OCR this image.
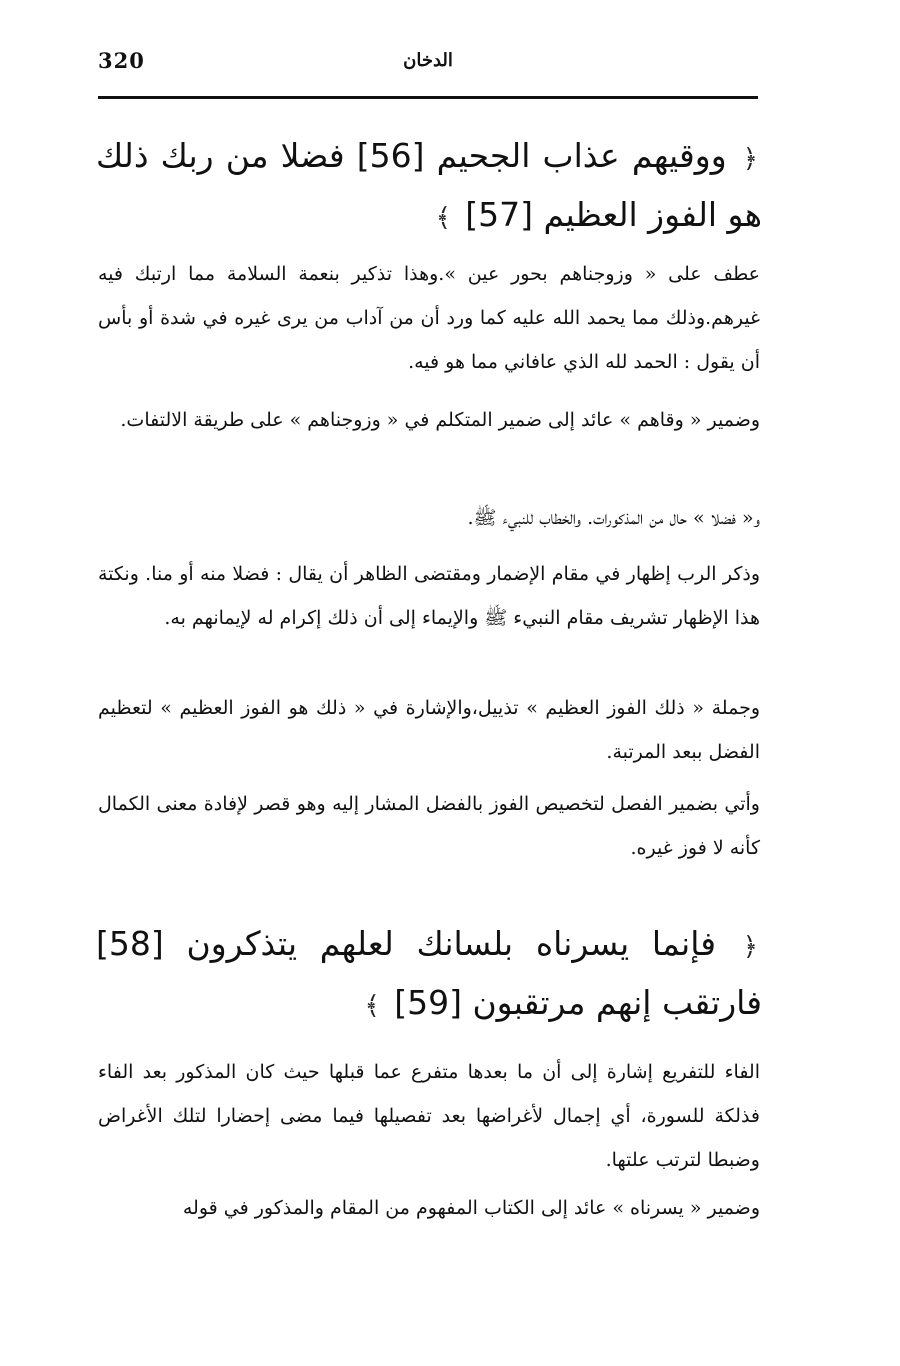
320	الدخان
﴿ ووقيهم عذاب الجحيم [56] فضلا من ربك ذلك هو الفوز العظيم [57] ﴾
عطف على « وزوجناهم بحور عين ».وهذا تذكير بنعمة السلامة مما ارتبك فيه غيرهم.وذلك مما يحمد الله عليه كما ورد أن من آداب من يرى غيره في شدة أو بأس أن يقول : الحمد لله الذي عافاني مما هو فيه.
وضمير « وقاهم » عائد إلى ضمير المتكلم في « وزوجناهم » على طريقة الالتفات.
و« فضلا » حال من المذكورات. والخطاب للنبيء ﷺ.
وذكر الرب إظهار في مقام الإضمار ومقتضى الظاهر أن يقال : فضلا منه أو منا. ونكتة هذا الإظهار تشريف مقام النبيء ﷺ والإيماء إلى أن ذلك إكرام له لإيمانهم به.
وجملة « ذلك الفوز العظيم » تذييل،والإشارة في « ذلك هو الفوز العظيم » لتعظيم الفضل ببعد المرتبة.
وأتي بضمير الفصل لتخصيص الفوز بالفضل المشار إليه وهو قصر لإفادة معنى الكمال كأنه لا فوز غيره.
﴿ فإنما يسرناه بلسانك لعلهم يتذكرون [58] فارتقب إنهم مرتقبون [59] ﴾
الفاء للتفريع إشارة إلى أن ما بعدها متفرع عما قبلها حيث كان المذكور بعد الفاء فذلكة للسورة، أي إجمال لأغراضها بعد تفصيلها فيما مضى إحضارا لتلك الأغراض وضبطا لترتب علتها.
وضمير « يسرناه » عائد إلى الكتاب المفهوم من المقام والمذكور في قوله
